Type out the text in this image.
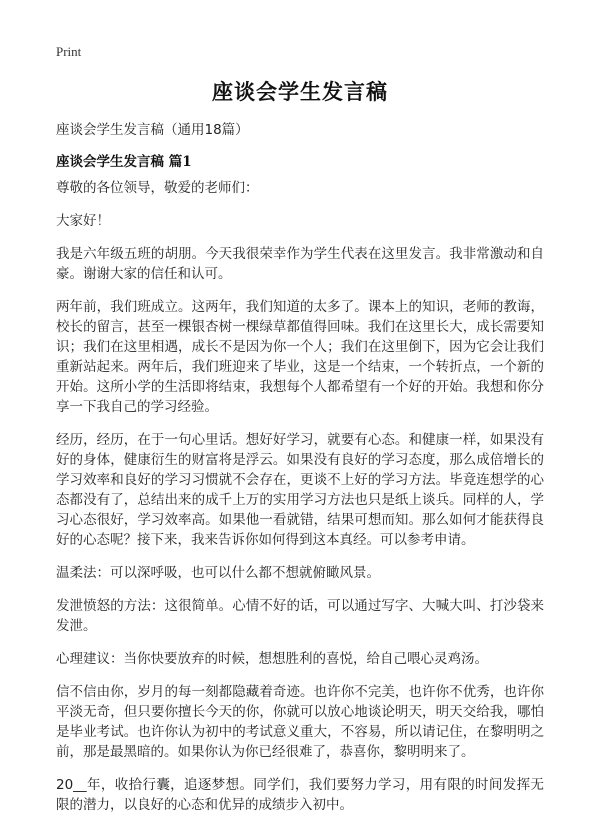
Print
座谈会学生发言稿
座谈会学生发言稿（通用18篇）
座谈会学生发言稿 篇1

尊敬的各位领导，敬爱的老师们：

大家好！

我是六年级五班的胡朋。今天我很荣幸作为学生代表在这里发言。我非常激动和自豪。谢谢大家的信任和认可。

两年前，我们班成立。这两年，我们知道的太多了。课本上的知识，老师的教诲，校长的留言，甚至一棵银杏树一棵绿草都值得回味。我们在这里长大，成长需要知识；我们在这里相遇，成长不是因为你一个人；我们在这里倒下，因为它会让我们重新站起来。两年后，我们班迎来了毕业，这是一个结束，一个转折点，一个新的开始。这所小学的生活即将结束，我想每个人都希望有一个好的开始。我想和你分享一下我自己的学习经验。

经历，经历，在于一句心里话。想好好学习，就要有心态。和健康一样，如果没有好的身体，健康衍生的财富将是浮云。如果没有良好的学习态度，那么成倍增长的学习效率和良好的学习习惯就不会存在，更谈不上好的学习方法。毕竟连想学的心态都没有了，总结出来的成千上万的实用学习方法也只是纸上谈兵。同样的人，学习心态很好，学习效率高。如果他一看就错，结果可想而知。那么如何才能获得良好的心态呢？接下来，我来告诉你如何得到这本真经。可以参考申请。

温柔法：可以深呼吸，也可以什么都不想就俯瞰风景。

发泄愤怒的方法：这很简单。心情不好的话，可以通过写字、大喊大叫、打沙袋来发泄。

心理建议：当你快要放弃的时候，想想胜利的喜悦，给自己喂心灵鸡汤。

信不信由你，岁月的每一刻都隐藏着奇迹。也许你不完美，也许你不优秀，也许你平淡无奇，但只要你擅长今天的你，你就可以放心地谈论明天，明天交给我，哪怕是毕业考试。也许你认为初中的考试意义重大，不容易，所以请记住，在黎明明之前，那是最黑暗的。如果你认为你已经很难了，恭喜你，黎明明来了。

20__年，收拾行囊，追逐梦想。同学们，我们要努力学习，用有限的时间发挥无限的潜力，以良好的心态和优异的成绩步入初中。
